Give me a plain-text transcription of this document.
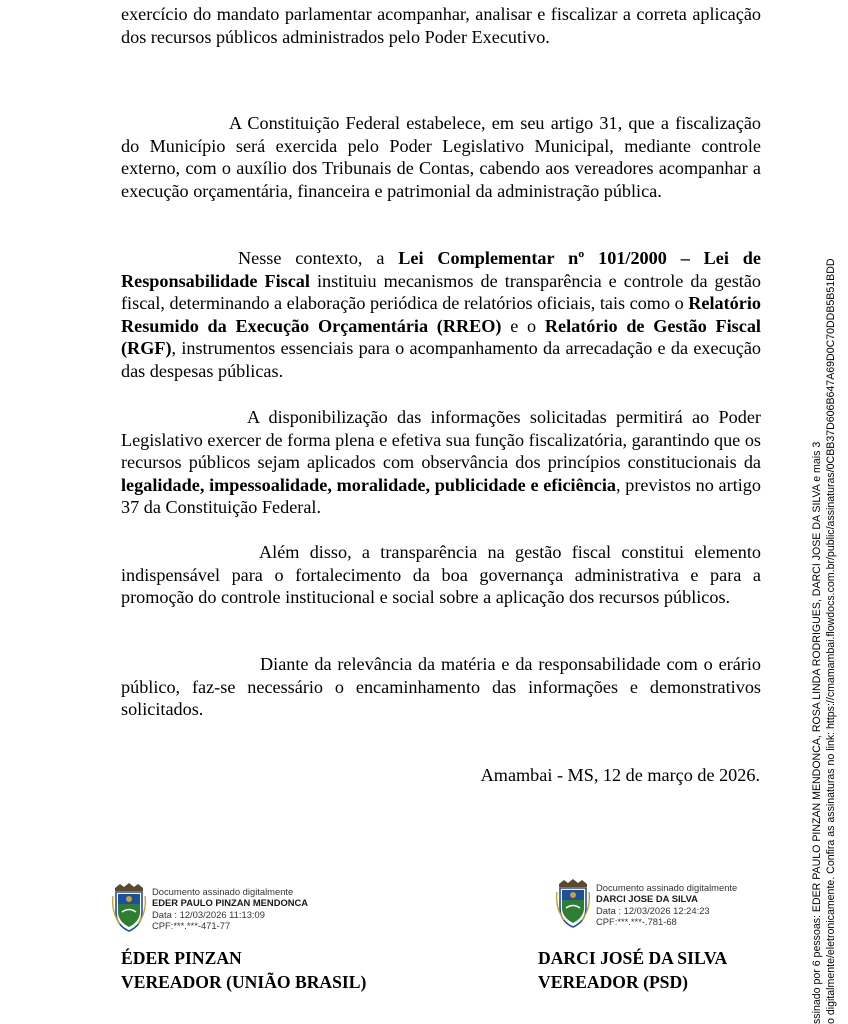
exercício do mandato parlamentar acompanhar, analisar e fiscalizar a correta aplicação dos recursos públicos administrados pelo Poder Executivo.

A Constituição Federal estabelece, em seu artigo 31, que a fiscalização do Município será exercida pelo Poder Legislativo Municipal, mediante controle externo, com o auxílio dos Tribunais de Contas, cabendo aos vereadores acompanhar a execução orçamentária, financeira e patrimonial da administração pública.

Nesse contexto, a Lei Complementar nº 101/2000 – Lei de Responsabilidade Fiscal instituiu mecanismos de transparência e controle da gestão fiscal, determinando a elaboração periódica de relatórios oficiais, tais como o Relatório Resumido da Execução Orçamentária (RREO) e o Relatório de Gestão Fiscal (RGF), instrumentos essenciais para o acompanhamento da arrecadação e da execução das despesas públicas.

A disponibilização das informações solicitadas permitirá ao Poder Legislativo exercer de forma plena e efetiva sua função fiscalizatória, garantindo que os recursos públicos sejam aplicados com observância dos princípios constitucionais da legalidade, impessoalidade, moralidade, publicidade e eficiência, previstos no artigo 37 da Constituição Federal.

Além disso, a transparência na gestão fiscal constitui elemento indispensável para o fortalecimento da boa governança administrativa e para a promoção do controle institucional e social sobre a aplicação dos recursos públicos.

Diante da relevância da matéria e da responsabilidade com o erário público, faz-se necessário o encaminhamento das informações e demonstrativos solicitados.

Amambai - MS, 12 de março de 2026.

Documento assinado digitalmente
EDER PAULO PINZAN MENDONCA
Data : 12/03/2026 11:13:09
CPF:***.***-471-77
Documento assinado digitalmente
DARCI JOSE DA SILVA
Data : 12/03/2026 12:24:23
CPF:***.***-.781-68
ÉDER PINZAN
VEREADOR (UNIÃO BRASIL)
DARCI JOSÉ DA SILVA
VEREADOR (PSD)	ssinado por 6 pessoas: EDER PAULO PINZAN MENDONCA, ROSA LINDA RODRIGUES, DARCI JOSE DA SILVA e mais 3 o digitalmente/eletronicamente. Confira as assinaturas no link: https://cmamambai.flowdocs.com.br/public/assinaturas/0CBB37D606B647A69D0C70DDB5B51BDD
